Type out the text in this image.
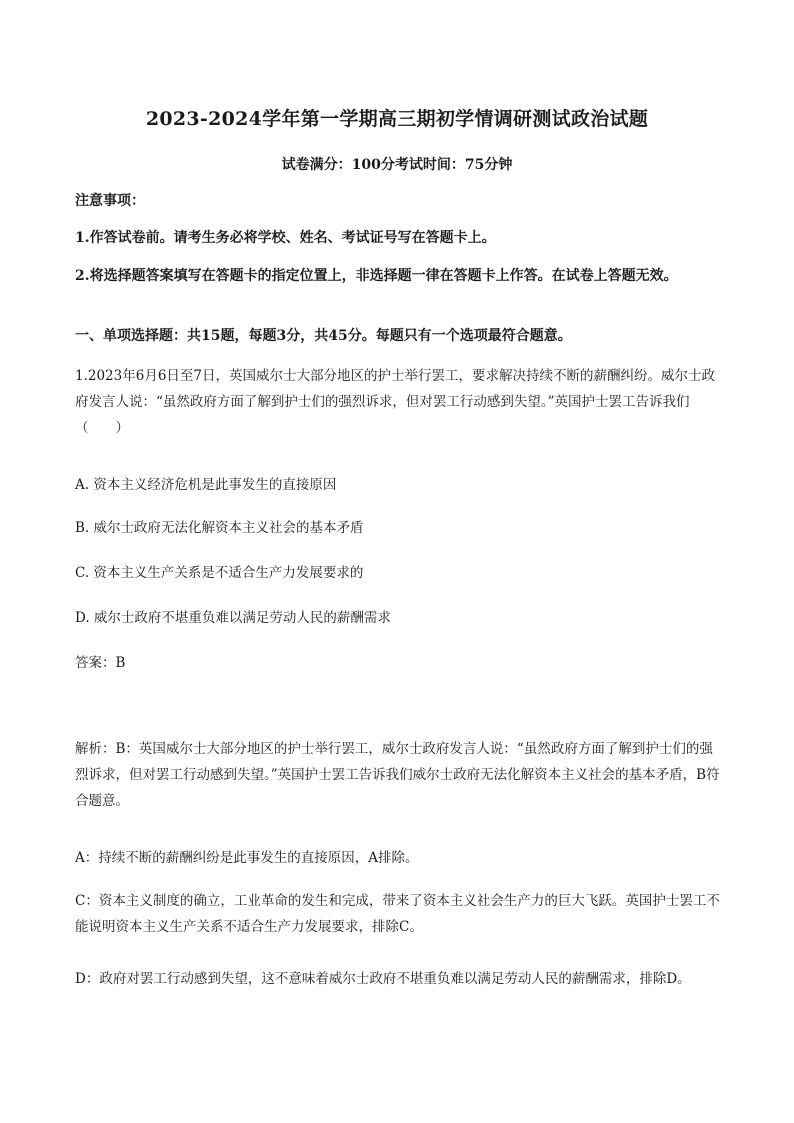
2023-2024学年第一学期高三期初学情调研测试政治试题
试卷满分：100分考试时间：75分钟
注意事项：
1.作答试卷前。请考生务必将学校、姓名、考试证号写在答题卡上。
2.将选择题答案填写在答题卡的指定位置上，非选择题一律在答题卡上作答。在试卷上答题无效。
一、单项选择题：共15题，每题3分，共45分。每题只有一个选项最符合题意。
1.2023年6月6日至7日，英国威尔士大部分地区的护士举行罢工，要求解决持续不断的薪酬纠纷。威尔士政府发言人说：“虽然政府方面了解到护士们的强烈诉求，但对罢工行动感到失望。”英国护士罢工告诉我们（　　）
A. 资本主义经济危机是此事发生的直接原因
B. 威尔士政府无法化解资本主义社会的基本矛盾
C. 资本主义生产关系是不适合生产力发展要求的
D. 威尔士政府不堪重负难以满足劳动人民的薪酬需求
答案：B
解析：B：英国威尔士大部分地区的护士举行罢工，威尔士政府发言人说：“虽然政府方面了解到护士们的强烈诉求，但对罢工行动感到失望。”英国护士罢工告诉我们威尔士政府无法化解资本主义社会的基本矛盾，B符合题意。
A：持续不断的薪酬纠纷是此事发生的直接原因，A排除。
C：资本主义制度的确立，工业革命的发生和完成，带来了资本主义社会生产力的巨大飞跃。英国护士罢工不能说明资本主义生产关系不适合生产力发展要求，排除C。
D：政府对罢工行动感到失望，这不意味着威尔士政府不堪重负难以满足劳动人民的薪酬需求，排除D。
